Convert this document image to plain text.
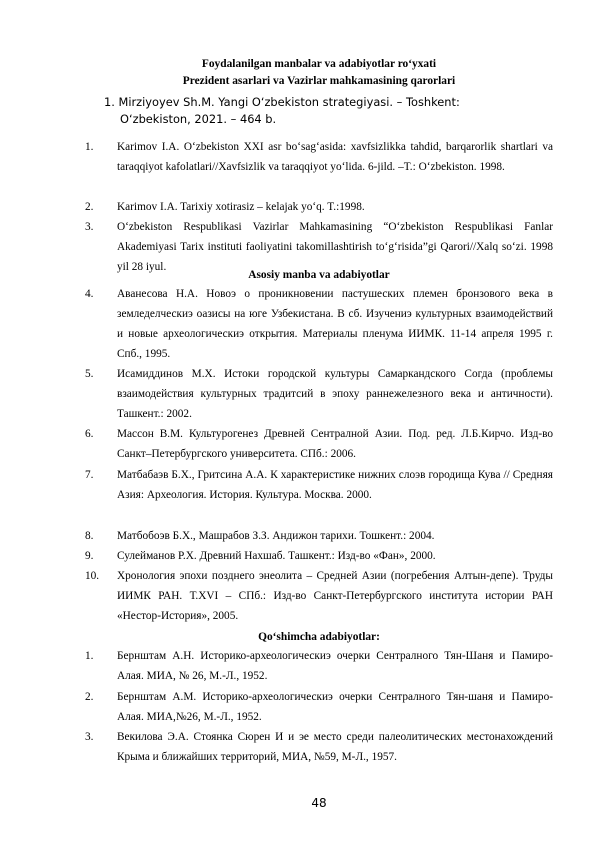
Foydalanilgan manbalar va adabiyotlar ro‘yxati
Prezident asarlari va Vazirlar mahkamasining qarorlari
1. Mirziyoyev Sh.M. Yangi O‘zbekiston strategiyasi. – Toshkent:
O‘zbekiston, 2021. – 464 b.
1.	Karimov I.A. O‘zbekiston XXI asr bo‘sag‘asida: xavfsizlikka tahdid, barqarorlik shartlari va taraqqiyot kafolatlari//Xavfsizlik va taraqqiyot yo‘lida. 6-jild. –T.: O‘zbekiston. 1998.
2.	Karimov I.A. Tarixiy xotirasiz – kelajak yo‘q. T.:1998.
3.	O‘zbekiston Respublikasi Vazirlar Mahkamasining “O‘zbekiston Respublikasi Fanlar Akademiyasi Tarix instituti faoliyatini takomillashtirish to‘g‘risida”gi Qarori//Xalq so‘zi. 1998 yil 28 iyul.
Asosiy manba va adabiyotlar
4.	Аванесова Н.А. Новоэ о проникновении пастушеских племен бронзового века в земледелческиэ оазисы на юге Узбекистана. В сб. Изучениэ культурных взаимодействий и новые археологическиэ открытия. Материалы пленума ИИМК. 11-14 апреля 1995 г. Спб., 1995.
5.	Исамиддинов М.Х. Истоки городской культуры Самаркандского Согда (проблемы взаимодействия культурных традитсий в эпоху раннежелезного века и античности). Ташкент.: 2002.
6.	Массон В.М. Культурогенез Древней Сентралной Азии. Под. ред. Л.Б.Кирчо. Изд-во Санкт–Петербургского университета. СПб.: 2006.
7.	Матбабаэв Б.Х., Гритсина А.А. К характеристике нижних слоэв городища Кува // Средняя Азия: Археология. История. Культура. Москва. 2000.
8.	Матбобоэв Б.Х., Машрабов З.З. Андижон тарихи. Тошкент.: 2004.
9.	Сулейманов Р.Х. Древний Нахшаб. Ташкент.: Изд-во «Фан», 2000.
10.	Хронология эпохи позднего энеолита – Средней Азии (погребения Алтын-депе). Труды ИИМК РАН. Т.XVI – СПб.: Изд-во Санкт-Петербургского института истории РАН «Нестор-История», 2005.
Qo‘shimcha adabiyotlar:
1.	Бернштам А.Н. Историко-археологическиэ очерки Сентралного Тян-Шаня и Памиро-Алая. МИА, № 26, М.-Л., 1952.
2.	Бернштам А.М. Историко-археологическиэ очерки Сентралного Тян-шаня и Памиро-Алая. МИА,№26, М.-Л., 1952.
3.	Векилова Э.А. Стоянка Сюрен И и эе место среди палеолитических местонахождений Крыма и ближайших территорий, МИА, №59, М-Л., 1957.
48
